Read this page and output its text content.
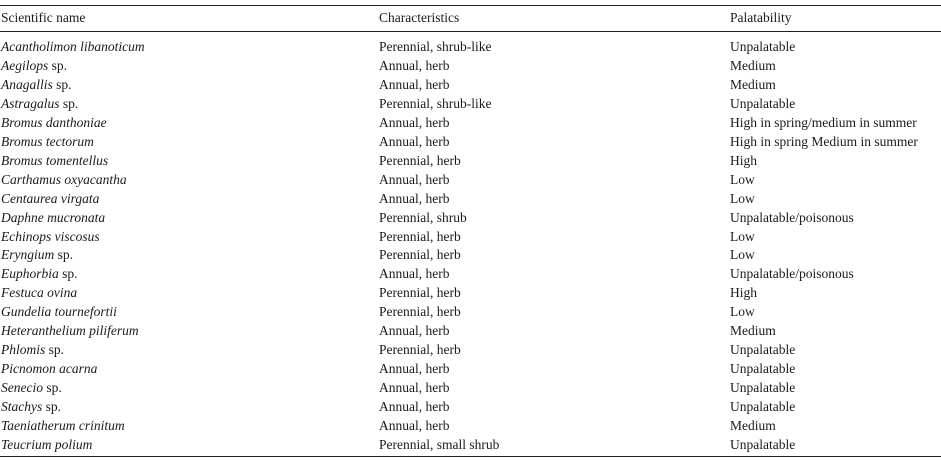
Scientific name	Characteristics	Palatability
Acantholimon libanoticum	Perennial, shrub-like	Unpalatable
Aegilops sp.	Annual, herb	Medium
Anagallis sp.	Annual, herb	Medium
Astragalus sp.	Perennial, shrub-like	Unpalatable
Bromus danthoniae	Annual, herb	High in spring/medium in summer
Bromus tectorum	Annual, herb	High in spring Medium in summer
Bromus tomentellus	Perennial, herb	High
Carthamus oxyacantha	Annual, herb	Low
Centaurea virgata	Annual, herb	Low
Daphne mucronata	Perennial, shrub	Unpalatable/poisonous
Echinops viscosus	Perennial, herb	Low
Eryngium sp.	Perennial, herb	Low
Euphorbia sp.	Annual, herb	Unpalatable/poisonous
Festuca ovina	Perennial, herb	High
Gundelia tournefortii	Perennial, herb	Low
Heteranthelium piliferum	Annual, herb	Medium
Phlomis sp.	Perennial, herb	Unpalatable
Picnomon acarna	Annual, herb	Unpalatable
Senecio sp.	Annual, herb	Unpalatable
Stachys sp.	Annual, herb	Unpalatable
Taeniatherum crinitum	Annual, herb	Medium
Teucrium polium	Perennial, small shrub	Unpalatable
